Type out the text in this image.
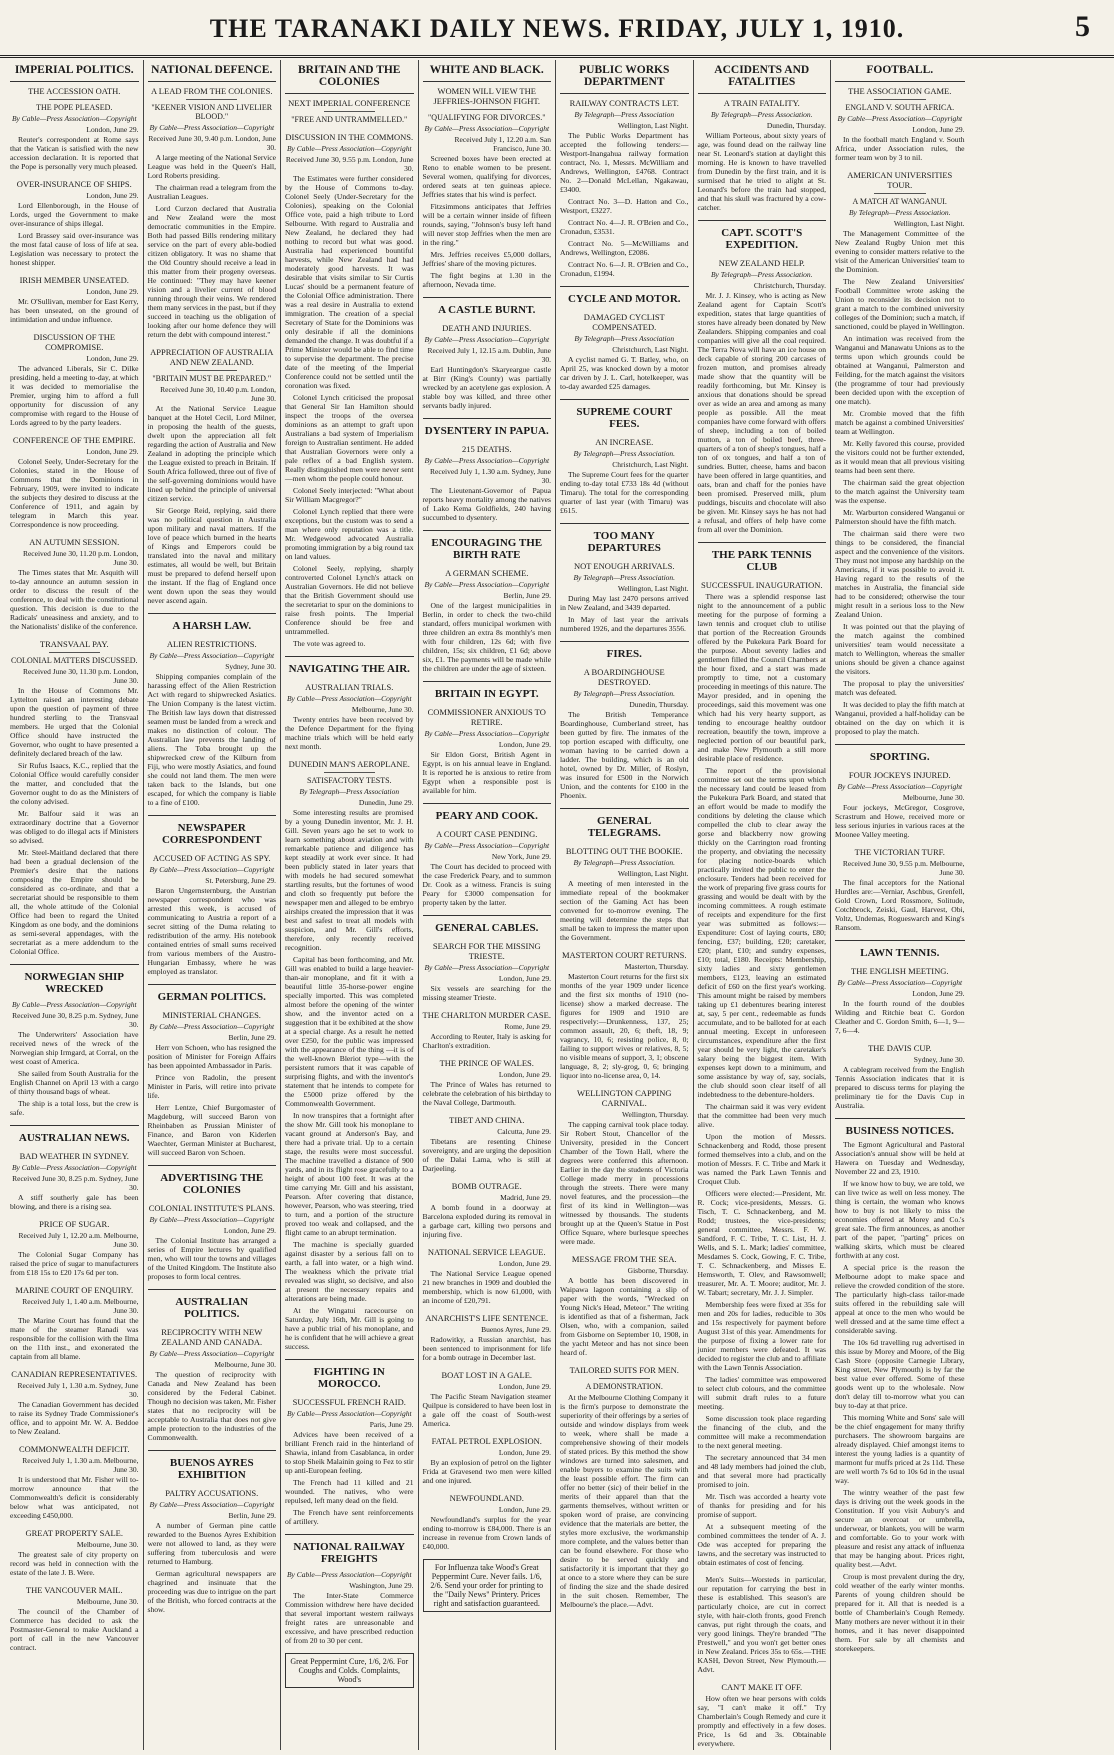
THE TARANAKI DAILY NEWS. FRIDAY, JULY 1, 1910.	5
IMPERIAL POLITICS.
THE ACCESSION OATH.
THE POPE PLEASED.
By Cable—Press Association—Copyright
London, June 29.

Reuter's correspondent at Rome says that the Vatican is satisfied with the new accession declaration. It is reported that the Pope is personally very much pleased.

OVER-INSURANCE OF SHIPS.
London, June 29.

Lord Ellenborough, in the House of Lords, urged the Government to make over-insurance of ships illegal.

Lord Brassey said over-insurance was the most fatal cause of loss of life at sea. Legislation was necessary to protect the honest shipper.

IRISH MEMBER UNSEATED.
London, June 29.

Mr. O'Sullivan, member for East Kerry, has been unseated, on the ground of intimidation and undue influence.

DISCUSSION OF THE COMPROMISE.
London, June 29.

The advanced Liberals, Sir C. Dilke presiding, held a meeting to-day, at which it was decided to memorialise the Premier, urging him to afford a full opportunity for discussion of any compromise with regard to the House of Lords agreed to by the party leaders.

CONFERENCE OF THE EMPIRE.
London, June 29.

Colonel Seely, Under-Secretary for the Colonies, stated in the House of Commons that the Dominions in February, 1909, were invited to indicate the subjects they desired to discuss at the Conference of 1911, and again by telegram in March this year. Correspondence is now proceeding.

AN AUTUMN SESSION.
Received June 30, 11.20 p.m. London, June 30.

The Times states that Mr. Asquith will to-day announce an autumn session in order to discuss the result of the conference, to deal with the constitutional question. This decision is due to the Radicals' uneasiness and anxiety, and to the Nationalists' dislike of the conference.

TRANSVAAL PAY.
COLONIAL MATTERS DISCUSSED.
Received June 30, 11.30 p.m. London, June 30.

In the House of Commons Mr. Lyttelton raised an interesting debate upon the question of payment of three hundred sterling to the Transvaal members. He urged that the Colonial Office should have instructed the Governor, who ought to have presented a definitely declared breach of the law.

Sir Rufus Isaacs, K.C., replied that the Colonial Office would carefully consider the matter, and concluded that the Governor ought to do as the Ministers of the colony advised.

Mr. Balfour said it was an extraordinary doctrine that a Governor was obliged to do illegal acts if Ministers so advised.

Mr. Steel-Maitland declared that there had been a gradual declension of the Premier's desire that the nations composing the Empire should be considered as co-ordinate, and that a secretariat should be responsible to them all, the whole attitude of the Colonial Office had been to regard the United Kingdom as one body, and the dominions as semi-several appendages, with the secretariat as a mere addendum to the Colonial Office.

NORWEGIAN SHIP WRECKED
By Cable—Press Association—Copyright
Received June 30, 8.25 p.m. Sydney, June 30.

The Underwriters' Association have received news of the wreck of the Norwegian ship Irmgard, at Corral, on the west coast of America.

She sailed from South Australia for the English Channel on April 13 with a cargo of thirty thousand bags of wheat.

The ship is a total loss, but the crew is safe.

AUSTRALIAN NEWS.
BAD WEATHER IN SYDNEY.
By Cable—Press Association—Copyright
Received June 30, 8.25 p.m. Sydney, June 30.

A stiff southerly gale has been blowing, and there is a rising sea.

PRICE OF SUGAR.
Received July 1, 12.20 a.m. Melbourne, June 30.

The Colonial Sugar Company has raised the price of sugar to manufacturers from £18 15s to £20 17s 6d per ton.

MARINE COURT OF ENQUIRY.
Received July 1, 1.40 a.m. Melbourne, June 30.

The Marine Court has found that the mate of the steamer Ranadi was responsible for the collision with the Ilma on the 11th inst., and exonerated the captain from all blame.

CANADIAN REPRESENTATIVES.
Received July 1, 1.30 a.m. Sydney, June 30.

The Canadian Government has decided to raise its Sydney Trade Commissioner's office, and to appoint Mr. W. A. Beddoe to New Zealand.

COMMONWEALTH DEFICIT.
Received July 1, 1.30 a.m. Melbourne, June 30.

It is understood that Mr. Fisher will to-morrow announce that the Commonwealth's deficit is considerably below what was anticipated, not exceeding £450,000.

GREAT PROPERTY SALE.
Melbourne, June 30.

The greatest sale of city property on record was held in connection with the estate of the late J. B. Were.

THE VANCOUVER MAIL.
Melbourne, June 30.

The council of the Chamber of Commerce has decided to ask the Postmaster-General to make Auckland a port of call in the new Vancouver contract.

NATIONAL DEFENCE.
A LEAD FROM THE COLONIES.
"KEENER VISION AND LIVELIER BLOOD."
By Cable—Press Association—Copyright
Received June 30, 9.40 p.m. London, June 30.

A large meeting of the National Service League was held in the Queen's Hall, Lord Roberts presiding.

The chairman read a telegram from the Australian Leagues.

Lord Curzon declared that Australia and New Zealand were the most democratic communities in the Empire. Both had passed Bills rendering military service on the part of every able-bodied citizen obligatory. It was no shame that the Old Country should receive a lead in this matter from their progeny overseas. He continued: "They may have keener vision and a livelier current of blood running through their veins. We rendered them many services in the past, but if they succeed in teaching us the obligation of looking after our home defence they will return the debt with compound interest."

APPRECIATION OF AUSTRALIA AND NEW ZEALAND.
"BRITAIN MUST BE PREPARED."
Received June 30, 10.40 p.m. London, June 30.

At the National Service League banquet at the Hotel Cecil, Lord Milner, in proposing the health of the guests, dwelt upon the appreciation all felt regarding the action of Australia and New Zealand in adopting the principle which the League existed to preach in Britain. If South Africa followed, three out of five of the self-governing dominions would have lined up behind the principle of universal citizen service.

Sir George Reid, replying, said there was no political question in Australia upon military and naval matters. If the love of peace which burned in the hearts of Kings and Emperors could be translated into the naval and military estimates, all would be well, but Britain must be prepared to defend herself upon the instant. If the flag of England once went down upon the seas they would never ascend again.

A HARSH LAW.
ALIEN RESTRICTIONS.
By Cable—Press Association—Copyright
Sydney, June 30.

Shipping companies complain of the harassing effect of the Alien Restriction Act with regard to shipwrecked Asiatics. The Union Company is the latest victim. The British law lays down that distressed seamen must be landed from a wreck and makes no distinction of colour. The Australian law prevents the landing of aliens. The Toba brought up the shipwrecked crew of the Kilburn from Fiji, who were mostly Asiatics, and found she could not land them. The men were taken back to the Islands, but one escaped, for which the company is liable to a fine of £100.

NEWSPAPER CORRESPONDENT
ACCUSED OF ACTING AS SPY.
By Cable—Press Association—Copyright
St. Petersburg, June 29.

Baron Ungernsternburg, the Austrian newspaper correspondent who was arrested this week, is accused of communicating to Austria a report of a secret sitting of the Duma relating to redistribution of the army. His notebook contained entries of small sums received from various members of the Austro-Hungarian Embassy, where he was employed as translator.

GERMAN POLITICS.
MINISTERIAL CHANGES.
By Cable—Press Association—Copyright
Berlin, June 29.

Herr von Schoen, who has resigned the position of Minister for Foreign Affairs has been appointed Ambassador in Paris.

Prince von Radolin, the present Minister in Paris, will retire into private life.

Herr Lentze, Chief Burgomaster of Magdeburg, will succeed Baron von Rheinbaben as Prussian Minister of Finance, and Baron von Kiderlen Waechter, German Minister at Bucharest, will succeed Baron von Schoen.

ADVERTISING THE COLONIES
COLONIAL INSTITUTE'S PLANS.
By Cable—Press Association—Copyright
London, June 29.

The Colonial Institute has arranged a series of Empire lectures by qualified men, who will tour the towns and villages of the United Kingdom. The Institute also proposes to form local centres.

AUSTRALIAN POLITICS.
RECIPROCITY WITH NEW ZEALAND AND CANADA.
By Cable—Press Association—Copyright
Melbourne, June 30.

The question of reciprocity with Canada and New Zealand has been considered by the Federal Cabinet. Though no decision was taken, Mr. Fisher states that no reciprocity will be acceptable to Australia that does not give ample protection to the industries of the Commonwealth.

BUENOS AYRES EXHIBITION
PALTRY ACCUSATIONS.
By Cable—Press Association—Copyright
Berlin, June 29.

A number of German pine cattle rewarded to the Buenos Ayres Exhibition were not allowed to land, as they were suffering from tuberculosis and were returned to Hamburg.

German agricultural newspapers are chagrined and insinuate that the proceeding was due to intrigue on the part of the British, who forced contracts at the show.

BRITAIN AND THE COLONIES
NEXT IMPERIAL CONFERENCE
"FREE AND UNTRAMMELLED."
DISCUSSION IN THE COMMONS.
By Cable—Press Association—Copyright
Received June 30, 9.55 p.m. London, June 30.

The Estimates were further considered by the House of Commons to-day. Colonel Seely (Under-Secretary for the Colonies), speaking on the Colonial Office vote, paid a high tribute to Lord Selbourne. With regard to Australia and New Zealand, he declared they had nothing to record but what was good. Australia had experienced bountiful harvests, while New Zealand had had moderately good harvests. It was desirable that visits similar to Sir Curtis Lucas' should be a permanent feature of the Colonial Office administration. There was a real desire in Australia to extend immigration. The creation of a special Secretary of State for the Dominions was only desirable if all the dominions demanded the change. It was doubtful if a Prime Minister would be able to find time to supervise the department. The precise date of the meeting of the Imperial Conference could not be settled until the coronation was fixed.

Colonel Lynch criticised the proposal that General Sir Ian Hamilton should inspect the troops of the oversea dominions as an attempt to graft upon Australians a bad system of Imperialism foreign to Australian sentiment. He added that Australian Governors were only a pale reflex of a bad English system. Really distinguished men were never sent—men whom the people could honour.

Colonel Seely interjected: "What about Sir William Macgregor?"

Colonel Lynch replied that there were exceptions, but the custom was to send a man where only reputation was a title. Mr. Wedgewood advocated Australia promoting immigration by a big round tax on land values.

Colonel Seely, replying, sharply controverted Colonel Lynch's attack on Australian Governors. He did not believe that the British Government should use the secretariat to spur on the dominions to raise fresh points. The Imperial Conference should be free and untrammelled.

The vote was agreed to.

NAVIGATING THE AIR.
AUSTRALIAN TRIALS.
By Cable—Press Association—Copyright
Melbourne, June 30.

Twenty entries have been received by the Defence Department for the flying machine trials which will be held early next month.

DUNEDIN MAN'S AEROPLANE.
SATISFACTORY TESTS.
By Telegraph—Press Association
Dunedin, June 29.

Some interesting results are promised by a young Dunedin inventor, Mr. J. H. Gill. Seven years ago he set to work to learn something about aviation and with remarkable patience and diligence has kept steadily at work ever since. It had been publicly stated in later years that with models he had secured somewhat startling results, but the fortunes of wood and cloth so frequently put before the newspaper men and alleged to be embryo airships created the impression that it was best and safest to treat all models with suspicion, and Mr. Gill's efforts, therefore, only recently received recognition.

Capital has been forthcoming, and Mr. Gill was enabled to build a large heavier-than-air monoplane, and fit it with a beautiful little 35-horse-power engine specially imported. This was completed almost before the opening of the winter show, and the inventor acted on a suggestion that it be exhibited at the show at a special charge. As a result he netted over £250, for the public was impressed with the appearance of the thing —it is of the well-known Bleriot type—with the persistent rumors that it was capable of surprising flights, and with the inventor's statement that he intends to compete for the £5000 prize offered by the Commonwealth Government.

In now transpires that a fortnight after the show Mr. Gill took his monoplane to vacant ground at Anderson's Bay, and there had a private trial. Up to a certain stage, the results were most successful. The machine travelled a distance of 900 yards, and in its flight rose gracefully to a height of about 100 feet. It was at the time carrying Mr. Gill and his assistant, Pearson. After covering that distance, however, Pearson, who was steering, tried to turn, and a portion of the structure proved too weak and collapsed, and the flight came to an abrupt termination.

The machine is specially guarded against disaster by a serious fall on to earth, a fall into water, or a high wind. The weakness which the private trial revealed was slight, so decisive, and also at present the necessary repairs and alterations are being made.

At the Wingatui racecourse on Saturday, July 16th, Mr. Gill is going to have a public trial of his monoplane, and he is confident that he will achieve a great success.

FIGHTING IN MOROCCO.
SUCCESSFUL FRENCH RAID.
By Cable—Press Association—Copyright
Paris, June 29.

Advices have been received of a brilliant French raid in the hinterland of Shawia, inland from Casablanca, in order to stop Sheik Malainin going to Fez to stir up anti-European feeling.

The French had 11 killed and 21 wounded. The natives, who were repulsed, left many dead on the field.

The French have sent reinforcements of artillery.

NATIONAL RAILWAY FREIGHTS
By Cable—Press Association—Copyright
Washington, June 29.

The Inter-State Commerce Commission withdrew here have decided that several important western railways freight rates are unreasonable and excessive, and have prescribed reduction of from 20 to 30 per cent.

Great Peppermint Cure, 1/6, 2/6. For Coughs and Colds. Complaints, Wood's
WHITE AND BLACK.
WOMEN WILL VIEW THE JEFFRIES-JOHNSON FIGHT.
"QUALIFYING FOR DIVORCES."
By Cable—Press Association—Copyright
Received July 1, 12.20 a.m. San Francisco, June 30.

Screened boxes have been erected at Reno to enable women to be present. Several women, qualifying for divorces, ordered seats at ten guineas apiece. Jeffries states that his wind is perfect.

Fitzsimmons anticipates that Jeffries will be a certain winner inside of fifteen rounds, saying, "Johnson's busy left hand will never stop Jeffries when the men are in the ring."

Mrs. Jeffries receives £5,000 dollars, Jeffries' share of the moving pictures.

The fight begins at 1.30 in the afternoon, Nevada time.

A CASTLE BURNT.
DEATH AND INJURIES.
By Cable—Press Association—Copyright
Received July 1, 12.15 a.m. Dublin, June 30.

Earl Huntingdon's Skaryeargue castle at Birr (King's County) was partially wrecked by an acetylene gas explosion. A stable boy was killed, and three other servants badly injured.

DYSENTERY IN PAPUA.
215 DEATHS.
By Cable—Press Association—Copyright
Received July 1, 1.30 a.m. Sydney, June 30.

The Lieutenant-Governor of Papua reports heavy mortality among the natives of Lako Kema Goldfields, 240 having succumbed to dysentery.

ENCOURAGING THE BIRTH RATE
A GERMAN SCHEME.
By Cable—Press Association—Copyright
Berlin, June 29.

One of the largest municipalities in Berlin, in order to check the two-child standard, offers municipal workmen with three children an extra 8s monthly's men with four children, 12s 6d; with five children, 15s; six children, £1 6d; above six, £1. The payments will be made while the children are under the age of sixteen.

BRITAIN IN EGYPT.
COMMISSIONER ANXIOUS TO RETIRE.
By Cable—Press Association—Copyright
London, June 29.

Sir Eldon Gorst, British Agent in Egypt, is on his annual leave in England. It is reported he is anxious to retire from Egypt when a responsible post is available for him.

PEARY AND COOK.
A COURT CASE PENDING.
By Cable—Press Association—Copyright
New York, June 29.

The Court has decided to proceed with the case Frederick Peary, and to summon Dr. Cook as a witness. Francis is suing Peary for £3000 compensation for property taken by the latter.

GENERAL CABLES.
SEARCH FOR THE MISSING TRIESTE.
By Cable—Press Association—Copyright
London, June 29.

Six vessels are searching for the missing steamer Trieste.

THE CHARLTON MURDER CASE.
Rome, June 29.

According to Reuter, Italy is asking for Charlton's extradition.

THE PRINCE OF WALES.
London, June 29.

The Prince of Wales has returned to celebrate the celebration of his birthday to the Naval College, Dartmouth.

TIBET AND CHINA.
Calcutta, June 29.

Tibetans are resenting Chinese sovereignty, and are urging the deposition of the Dalai Lama, who is still at Darjeeling.

BOMB OUTRAGE.
Madrid, June 29.

A bomb found in a doorway at Barcelona exploded during its removal in a garbage cart, killing two persons and injuring five.

NATIONAL SERVICE LEAGUE.
London, June 29.

The National Service League opened 21 new branches in 1909 and doubled the membership, which is now 61,000, with an income of £20,791.

ANARCHIST'S LIFE SENTENCE.
Buenos Ayres, June 29.

Radowitky, a Russian anarchist, has been sentenced to imprisonment for life for a bomb outrage in December last.

BOAT LOST IN A GALE.
London, June 29.

The Pacific Steam Navigation steamer Quilpue is considered to have been lost in a gale off the coast of South-west America.

FATAL PETROL EXPLOSION.
London, June 29.

By an explosion of petrol on the lighter Frida at Gravesend two men were killed and one injured.

NEWFOUNDLAND.
London, June 29.

Newfoundland's surplus for the year ending to-morrow is £84,000. There is an increase in revenue from Crown lands of £40,000.

For Influenza take Wood's Great Peppermint Cure. Never fails. 1/6, 2/6. Send your order for printing to the "Daily News" Printery. Prices right and satisfaction guaranteed.
PUBLIC WORKS DEPARTMENT
RAILWAY CONTRACTS LET.
By Telegraph—Press Association
Wellington, Last Night.

The Public Works Department has accepted the following tenders:—Westport-Inangahua railway formation contract, No. 1, Messrs. McWilliam and Andrews, Wellington, £4768. Contract No. 2—Donald McLellan, Ngakawau, £3400.

Contract No. 3—D. Hatton and Co., Westport, £3227.

Contract No. 4—J. R. O'Brien and Co., Cronadun, £3531.

Contract No. 5—McWilliams and Andrews, Wellington, £2086.

Contract No. 6—J. R. O'Brien and Co., Cronadun, £1994.

CYCLE AND MOTOR.
DAMAGED CYCLIST COMPENSATED.
By Telegraph—Press Association
Christchurch, Last Night.

A cyclist named G. T. Batley, who, on April 25, was knocked down by a motor car driven by J. L. Carl, hotelkeeper, was to-day awarded £25 damages.

SUPREME COURT FEES.
AN INCREASE.
By Telegraph—Press Association.
Christchurch, Last Night.

The Supreme Court fees for the quarter ending to-day total £733 18s 4d (without Timaru). The total for the corresponding quarter of last year (with Timaru) was £615.

TOO MANY DEPARTURES
NOT ENOUGH ARRIVALS.
By Telegraph—Press Association.
Wellington, Last Night.

During May last 2470 persons arrived in New Zealand, and 3439 departed.

In May of last year the arrivals numbered 1926, and the departures 3556.

FIRES.
A BOARDINGHOUSE DESTROYED.
By Telegraph—Press Association.
Dunedin, Thursday.

The British Temperance Boardinghouse, Cumberland street, has been gutted by fire. The inmates of the top portion escaped with difficulty, one woman having to be carried down a ladder. The building, which is an old hotel, owned by Dr. Miller, of Roslyn, was insured for £500 in the Norwich Union, and the contents for £100 in the Phoenix.

GENERAL TELEGRAMS.
BLOTTING OUT THE BOOKIE.
By Telegraph—Press Association.
Wellington, Last Night.

A meeting of men interested in the immediate repeal of the bookmaker section of the Gaming Act has been convened for to-morrow evening. The meeting will determine the steps that small be taken to impress the matter upon the Government.

MASTERTON COURT RETURNS.
Masterton, Thursday.

Masterton Court returns for the first six months of the year 1909 under licence and the first six months of 1910 (no-license) show a marked decrease. The figures for 1909 and 1910 are respectively:—Drunkenness, 137, 25; common assault, 20, 6; theft, 18, 9; vagrancy, 10, 6; resisting police, 8, 0; failing to support wives or relatives, 8, 5; no visible means of support, 3, 1; obscene language, 8, 2; sly-grog, 0, 6; bringing liquor into no-license area, 0, 14.

WELLINGTON CAPPING CARNIVAL.
Wellington, Thursday.

The capping carnival took place today. Sir Robert Stout, Chancellor of the University, presided in the Concert Chamber of the Town Hall, where the degrees were conferred this afternoon. Earlier in the day the students of Victoria College made merry in processions through the streets. There were many novel features, and the procession—the first of its kind in Wellington—was witnessed by thousands. The students brought up at the Queen's Statue in Post Office Square, where burlesque speeches were made.

MESSAGE FROM THE SEA.
Gisborne, Thursday.

A bottle has been discovered in Waipawa lagoon containing a slip of paper with the words, "Wrecked on Young Nick's Head, Meteor." The writing is identified as that of a fisherman, Jack Olsen, who, with a companion, sailed from Gisborne on September 10, 1908, in the yacht Meteor and has not since been heard of.

TAILORED SUITS FOR MEN.
A DEMONSTRATION.

At the Melbourne Clothing Company it is the firm's purpose to demonstrate the superiority of their offerings by a series of outside and window displays from week to week, where shall be made a comprehensive showing of their models of stated prices. By this method the show windows are turned into salesmen, and enable buyers to examine the suits with the least possible effort. The firm can offer no better (sic) of their belief in the merits of their apparel than that the garments themselves, without written or spoken word of praise, are convincing evidence that the materials are better, the styles more exclusive, the workmanship more complete, and the values better than can be found elsewhere. For those who desire to be served quickly and satisfactorily it is important that they go at once to a store where they can be sure of finding the size and the shade desired in the suit chosen. Remember, The Melbourne's the place.—Advt.

ACCIDENTS AND FATALITIES
A TRAIN FATALITY.
By Telegraph—Press Association.
Dunedin, Thursday.

William Porteous, about sixty years of age, was found dead on the railway line near St. Leonard's station at daylight this morning. He is known to have travelled from Dunedin by the first train, and it is surmised that he tried to alight at St. Leonard's before the train had stopped, and that his skull was fractured by a cow-catcher.

CAPT. SCOTT'S EXPEDITION.
NEW ZEALAND HELP.
By Telegraph—Press Association.
Christchurch, Thursday.

Mr. J. J. Kinsey, who is acting as New Zealand agent for Captain Scott's expedition, states that large quantities of stores have already been donated by New Zealanders. Shipping companies and coal companies will give all the coal required. The Terra Nova will have an ice house on deck capable of storing 200 carcases of frozen mutton, and promises already made show that the quantity will be readily forthcoming, but Mr. Kinsey is anxious that donations should be spread over as wide an area and among as many people as possible. All the meat companies have come forward with offers of sheep, including a ton of boiled mutton, a ton of boiled beef, three-quarters of a ton of sheep's tongues, half a ton of ox tongues, and half a ton of sundries. Butter, cheese, hams and bacon have been offered in large quantities, and oats, bran and chaff for the ponies have been promised. Preserved milk, plum puddings, biscuits and chocolate will also be given. Mr. Kinsey says he has not had a refusal, and offers of help have come from all over the Dominion.

THE PARK TENNIS CLUB
SUCCESSFUL INAUGURATION.

There was a splendid response last night to the announcement of a public meeting for the purpose of forming a lawn tennis and croquet club to utilise that portion of the Recreation Grounds offered by the Pukekura Park Board for the purpose. About seventy ladies and gentlemen filled the Council Chambers at the hour fixed, and a start was made promptly to time, not a customary proceeding in meetings of this nature. The Mayor presided, and in opening the proceedings, said this movement was one which had his very hearty support, as tending to encourage healthy outdoor recreation, beautify the town, improve a neglected portion of our beautiful park, and make New Plymouth a still more desirable place of residence.

The report of the provisional committee set out the terms upon which the necessary land could be leased from the Pukekura Park Board, and stated that an effort would be made to modify the conditions by deleting the clause which compelled the club to clear away the gorse and blackberry now growing thickly on the Carrington road fronting the property, and obviating the necessity for placing notice-boards which practically invited the public to enter the enclosure. Tenders had been received for the work of preparing five grass courts for grassing and would be dealt with by the incoming committees. A rough estimate of receipts and expenditure for the first year was submitted as follows:—Expenditure: Cost of laying courts, £80; fencing, £37; building, £20; caretaker, £20; plant, £10; and sundry expenses, £10; total, £180. Receipts: Membership, sixty ladies and sixty gentlemen members, £123, leaving an estimated deficit of £60 on the first year's working. This amount might be raised by members taking up £1 debentures bearing interest at, say, 5 per cent., redeemable as funds accumulate, and to be balloted for at each annual meeting. Except in unforeseen circumstances, expenditure after the first year should be very light, the caretaker's salary being the biggest item. With expenses kept down to a minimum, and some assistance by way of, say, socials, the club should soon clear itself of all indebtedness to the debenture-holders.

The chairman said it was very evident that the committee had been very much alive.

Upon the motion of Messrs. Schnackenberg and Rodd, those present formed themselves into a club, and on the motion of Messrs. F. C. Tribe and Mark it was named the Park Lawn Tennis and Croquet Club.

Officers were elected:—President, Mr. R. Cock; vice-presidents, Messrs. G. Tisch, T. C. Schnackenberg, and M. Rodd; trustees, the vice-presidents; general committee, Messrs. F. W. Sandford, F. C. Tribe, T. C. List, H. J. Wells, and S. L. Mark; ladies' committee, Mesdames S. Cock, Gowing, F. C. Tribe, T. C. Schnackenberg, and Misses E. Hemsworth, T. Olev, and Rawsomwell; treasurer, Mr. A. T. Moore; auditor, Mr. J. W. Tabart; secretary, Mr. J. J. Simpler.

Membership fees were fixed at 35s for men and 20s for ladies, reducible to 30s and 15s respectively for payment before August 31st of this year. Amendments for the purpose of fixing a lower rate for junior members were defeated. It was decided to register the club and to affiliate with the Lawn Tennis Association.

The ladies' committee was empowered to select club colours, and the committee will submit draft rules to a future meeting.

Some discussion took place regarding the financing of the club, and the committee will make a recommendation to the next general meeting.

The secretary announced that 34 men and 48 lady members had joined the club, and that several more had practically promised to join.

Mr. Tisch was accorded a hearty vote of thanks for presiding and for his promise of support.

At a subsequent meeting of the combined committees the tender of A. J. Ode was accepted for preparing the lawns, and the secretary was instructed to obtain estimates of cost of fencing.

Men's Suits—Worsteds in particular, our reputation for carrying the best in these is established. This season's are particularly choice, are cut in correct style, with hair-cloth fronts, good French canvas, put right through the coats, and very good linings. They're branded "The Prestwell," and you won't get better ones in New Zealand. Prices 35s to 65s.—THE KASH, Devon Street, New Plymouth.—Advt.

CAN'T MAKE IT OFF.

How often we hear persons with colds say, "I can't make it off." Try Chamberlain's Cough Remedy and cure it promptly and effectively in a few doses. Price, 1s 6d and 3s. Obtainable everywhere.

FOOTBALL.
THE ASSOCIATION GAME.
ENGLAND V. SOUTH AFRICA.
By Cable—Press Association—Copyright
London, June 29.

In the football match England v. South Africa, under Association rules, the former team won by 3 to nil.

AMERICAN UNIVERSITIES TOUR.
A MATCH AT WANGANUI.
By Telegraph—Press Association.
Wellington, Last Night.

The Management Committee of the New Zealand Rugby Union met this evening to consider matters relative to the visit of the American Universities' team to the Dominion.

The New Zealand Universities' Football Committee wrote asking the Union to reconsider its decision not to grant a match to the combined university colleges of the Dominion; such a match, if sanctioned, could be played in Wellington.

An intimation was received from the Wanganui and Manawatu Unions as to the terms upon which grounds could be obtained at Wanganui, Palmerston and Feilding, for the match against the visitors (the programme of tour had previously been decided upon with the exception of one match).

Mr. Crombie moved that the fifth match be against a combined Universities' team at Wellington.

Mr. Kelly favored this course, provided the visitors could not be further extended, as it would mean that all previous visiting teams had been sent there.

The chairman said the great objection to the match against the University team was the expense.

Mr. Warburton considered Wanganui or Palmerston should have the fifth match.

The chairman said there were two things to be considered, the financial aspect and the convenience of the visitors. They must not impose any hardship on the Americans, if it was possible to avoid it. Having regard to the results of the matches in Australia, the financial side had to be considered; otherwise the tour might result in a serious loss to the New Zealand Union.

It was pointed out that the playing of the match against the combined universities' team would necessitate a match to Wellington, whereas the smaller unions should be given a chance against the visitors.

The proposal to play the universities' match was defeated.

It was decided to play the fifth match at Wanganui, provided a half-holiday can be obtained on the day on which it is proposed to play the match.

SPORTING.
FOUR JOCKEYS INJURED.
By Cable—Press Association—Copyright
Melbourne, June 30.

Four jockeys, McGregor, Cosgrove, Scrastrum and Howe, received more or less serious injuries in various races at the Moonee Valley meeting.

THE VICTORIAN TURF.
Received June 30, 9.55 p.m. Melbourne, June 30.

The final acceptors for the National Hurdles are:—Verniar, Aschbus, Grenfell, Gold Crown, Lord Rossmore, Solitude, Cotchbrock, Zeiski, Gaul, Harvest, Obi, Voltz, Undemas, Rogueswarch and King's Ransom.

LAWN TENNIS.
THE ENGLISH MEETING.
By Cable—Press Association—Copyright
London, June 29.

In the fourth round of the doubles Wilding and Ritchie beat C. Gordon Cleather and C. Gordon Smith, 6—1, 9—7, 6—4.

THE DAVIS CUP.
Sydney, June 30.

A cablegram received from the English Tennis Association indicates that it is prepared to discuss terms for playing the preliminary tie for the Davis Cup in Australia.

BUSINESS NOTICES.

The Egmont Agricultural and Pastoral Association's annual show will be held at Hawera on Tuesday and Wednesday, November 22 and 23, 1910.

If we know how to buy, we are told, we can live twice as well on less money. The thing is certain, the woman who knows how to buy is not likely to miss the economies offered at Morey and Co.'s great sale. The firm announces, as another part of the paper, "parting" prices on walking skirts, which must be cleared forthwith at any cost.

A special price is the reason the Melbourne adopt to make space and relieve the crowded condition of the store. The particularly high-class tailor-made suits offered in the rebuilding sale will appeal at once to the men who would be well dressed and at the same time effect a considerable saving.

The 10s 6d travelling rug advertised in this issue by Morey and Moore, of the Big Cash Store (opposite Carnegie Library, King street, New Plymouth) is by far the best value ever offered. Some of these goods went up to the wholesale. Now don't delay till to-morrow what you can buy to-day at that price.

This morning White and Sons' sale will be the chief engagement for many thrifty purchasers. The showroom bargains are already displayed. Chief amongst items to interest the young ladies is a quantity of marmont fur muffs priced at 2s 11d. These are well worth 7s 6d to 10s 6d in the usual way.

The wintry weather of the past few days is driving out the week goods in the Constitution. If you visit Aubury's and secure an overcoat or umbrella, underwear, or blankets, you will be warm and comfortable. Go to your work with pleasure and resist any attack of influenza that may be hanging about. Prices right, quality best.—Advt.

Croup is most prevalent during the dry, cold weather of the early winter months. Parents of young children should be prepared for it. All that is needed is a bottle of Chamberlain's Cough Remedy. Many mothers are never without it in their homes, and it has never disappointed them. For sale by all chemists and storekeepers.
